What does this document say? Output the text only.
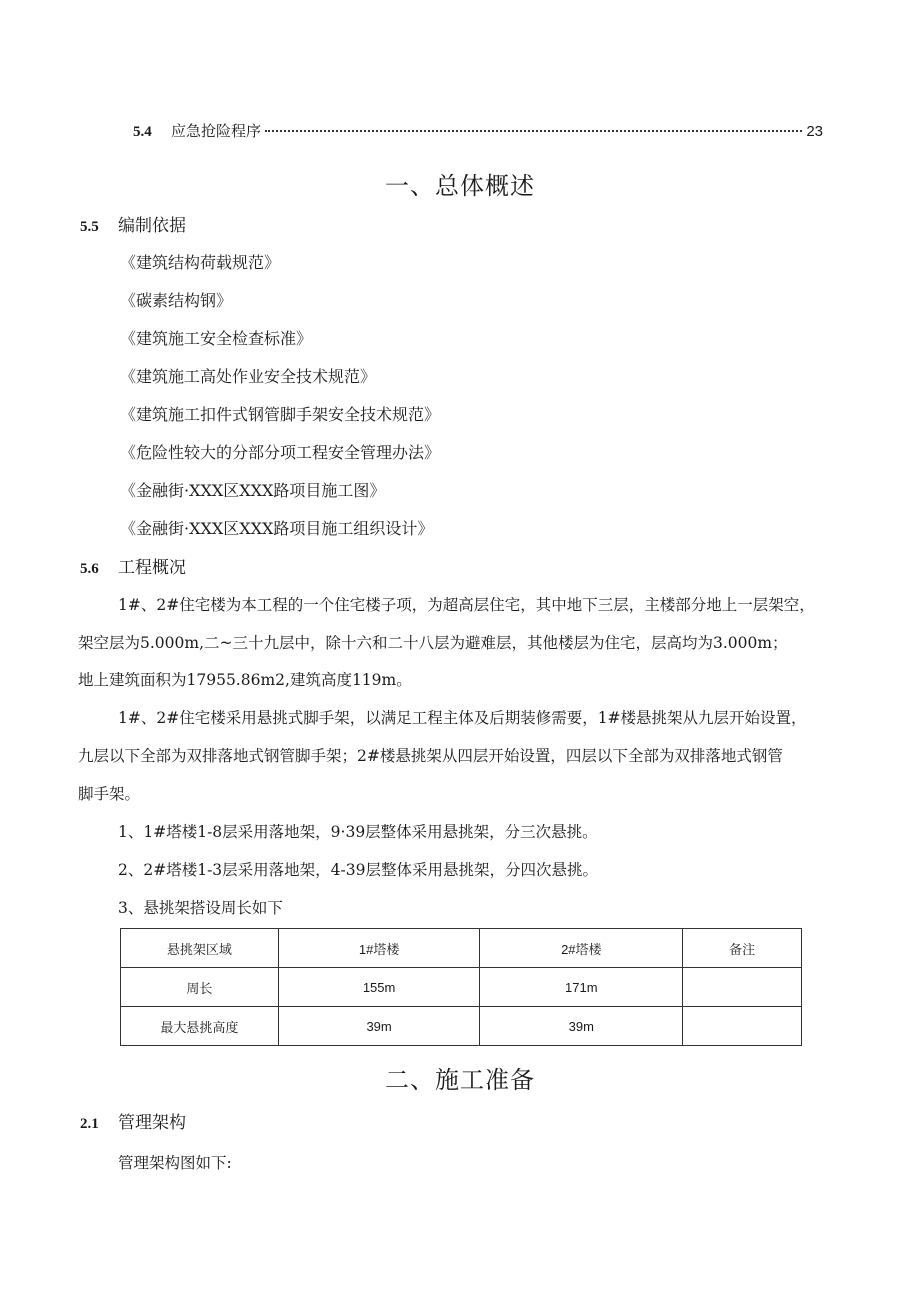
5.4	应急抢险程序	23
一、总体概述
5.5	编制依据
《建筑结构荷载规范》
《碳素结构钢》
《建筑施工安全检查标准》
《建筑施工高处作业安全技术规范》
《建筑施工扣件式钢管脚手架安全技术规范》
《危险性较大的分部分项工程安全管理办法》
《金融街·XXX区XXX路项目施工图》
《金融街·XXX区XXX路项目施工组织设计》
5.6	工程概况
1#、2#住宅楼为本工程的一个住宅楼子项，为超高层住宅，其中地下三层，主楼部分地上一层架空，
架空层为5.000m,二~三十九层中，除十六和二十八层为避难层，其他楼层为住宅，层高均为3.000m；
地上建筑面积为17955.86m2,建筑高度119m。
1#、2#住宅楼采用悬挑式脚手架，以满足工程主体及后期装修需要，1#楼悬挑架从九层开始设置，
九层以下全部为双排落地式钢管脚手架；2#楼悬挑架从四层开始设置，四层以下全部为双排落地式钢管
脚手架。
1、1#塔楼1-8层采用落地架，9·39层整体采用悬挑架，分三次悬挑。
2、2#塔楼1-3层采用落地架，4-39层整体采用悬挑架，分四次悬挑。
3、悬挑架搭设周长如下
悬挑架区域	1#塔楼	2#塔楼	备注
周长	155m	171m	
最大悬挑高度	39m	39m	
二、施工准备
2.1	管理架构
管理架构图如下:
